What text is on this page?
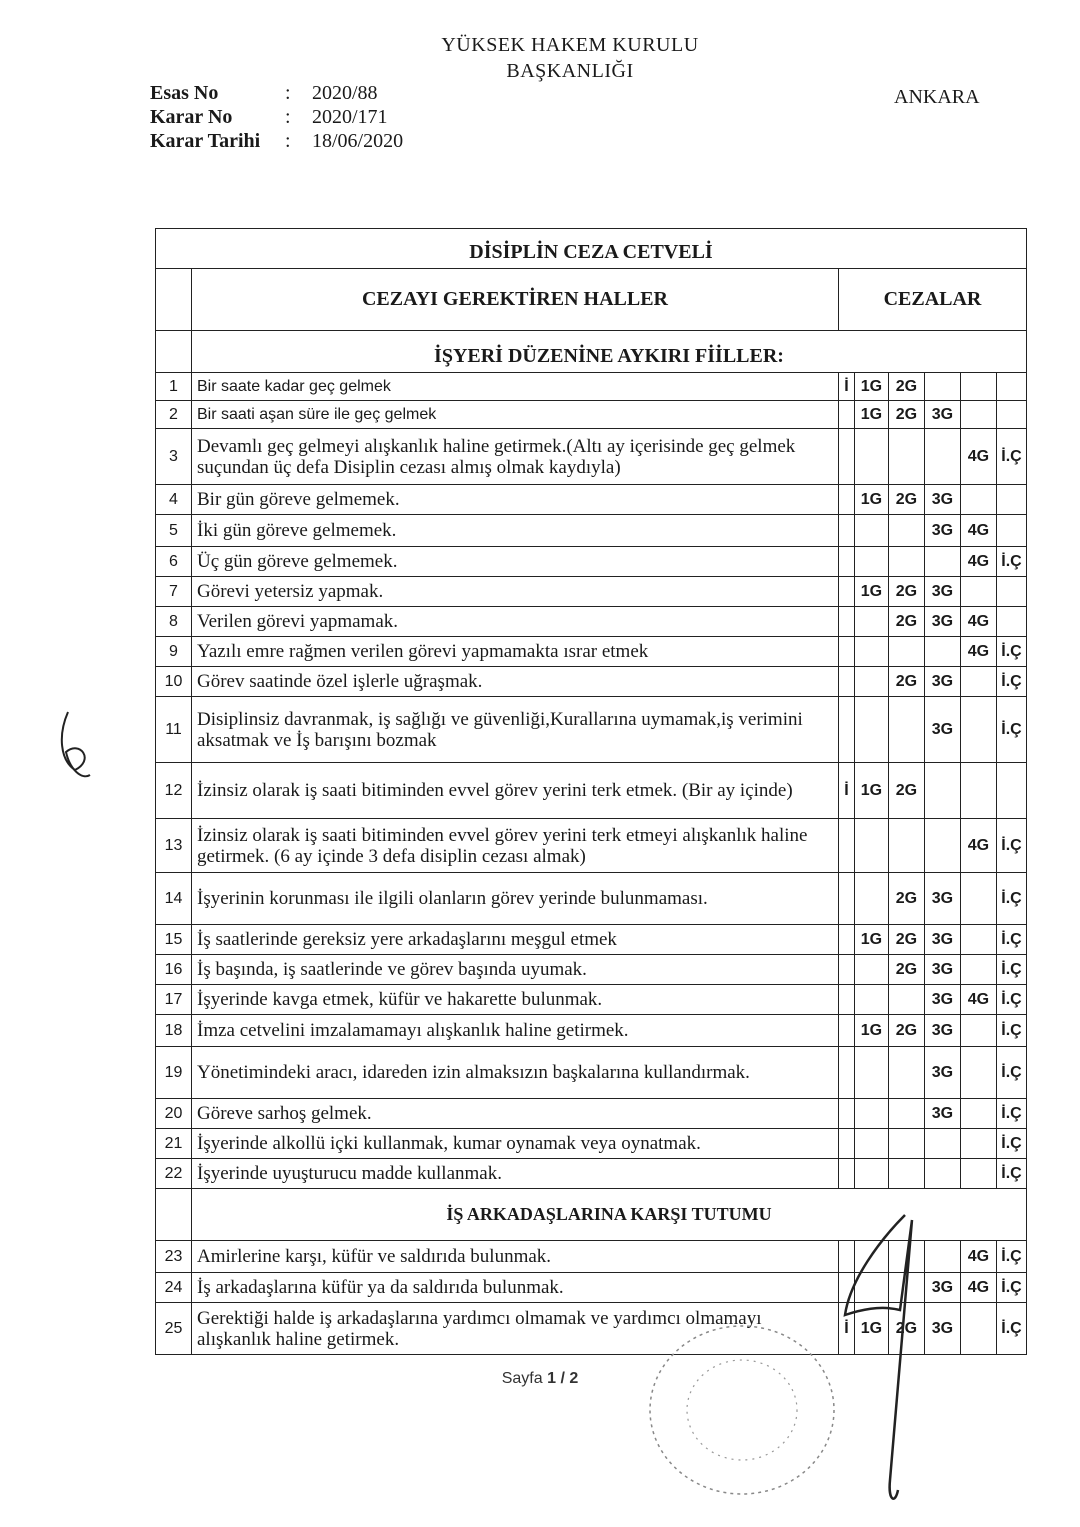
YÜKSEK HAKEM KURULU
BAŞKANLIĞI
ANKARA
Esas No	:	2020/88
Karar No	:	2020/171
Karar Tarihi	:	18/06/2020
DİSİPLİN CEZA CETVELİ							
	CEZAYI GEREKTİREN HALLER	CEZALAR					
	İŞYERİ DÜZENİNE AYKIRI FİİLLER:						
1	Bir saate kadar geç gelmek	İ	1G	2G			
2	Bir saati aşan süre ile geç gelmek		1G	2G	3G		
3	Devamlı geç gelmeyi alışkanlık haline getirmek.(Altı ay içerisinde geç gelmek suçundan üç defa Disiplin cezası almış olmak kaydıyla)					4G	İ.Ç
4	Bir gün göreve gelmemek.		1G	2G	3G		
5	İki gün göreve gelmemek.				3G	4G	
6	Üç gün göreve gelmemek.					4G	İ.Ç
7	Görevi yetersiz yapmak.		1G	2G	3G		
8	Verilen görevi yapmamak.			2G	3G	4G	
9	Yazılı emre rağmen verilen görevi yapmamakta ısrar etmek					4G	İ.Ç
10	Görev saatinde özel işlerle uğraşmak.			2G	3G		İ.Ç
11	Disiplinsiz davranmak, iş sağlığı ve güvenliği,Kurallarına uymamak,iş verimini aksatmak ve İş barışını bozmak				3G		İ.Ç
12	İzinsiz olarak iş saati bitiminden evvel görev yerini terk etmek. (Bir ay içinde)	İ	1G	2G			
13	İzinsiz olarak iş saati bitiminden evvel görev yerini terk etmeyi alışkanlık haline getirmek. (6 ay içinde 3 defa disiplin cezası almak)					4G	İ.Ç
14	İşyerinin korunması ile ilgili olanların görev yerinde bulunmaması.			2G	3G		İ.Ç
15	İş saatlerinde gereksiz yere arkadaşlarını meşgul etmek		1G	2G	3G		İ.Ç
16	İş başında, iş saatlerinde ve görev başında uyumak.			2G	3G		İ.Ç
17	İşyerinde kavga etmek, küfür ve hakarette bulunmak.				3G	4G	İ.Ç
18	İmza cetvelini imzalamamayı alışkanlık haline getirmek.		1G	2G	3G		İ.Ç
19	Yönetimindeki aracı, idareden izin almaksızın başkalarına kullandırmak.				3G		İ.Ç
20	Göreve sarhoş gelmek.				3G		İ.Ç
21	İşyerinde alkollü içki kullanmak, kumar oynamak veya oynatmak.						İ.Ç
22	İşyerinde uyuşturucu madde kullanmak.						İ.Ç
	İŞ ARKADAŞLARINA KARŞI TUTUMU						
23	Amirlerine karşı, küfür ve saldırıda bulunmak.					4G	İ.Ç
24	İş arkadaşlarına küfür ya da saldırıda bulunmak.				3G	4G	İ.Ç
25	Gerektiği halde iş arkadaşlarına yardımcı olmamak ve yardımcı olmamayı alışkanlık haline getirmek.	İ	1G	2G	3G		İ.Ç
Sayfa 1 / 2
